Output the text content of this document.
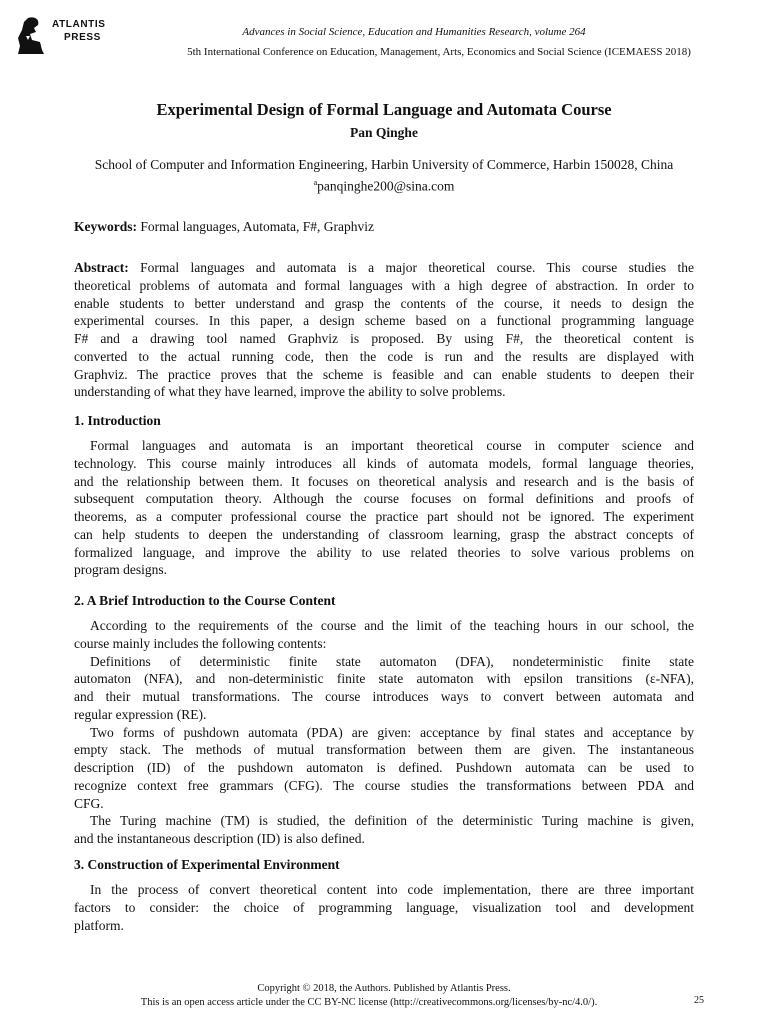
ATLANTIS
PRESS	Advances in Social Science, Education and Humanities Research, volume 264
5th International Conference on Education, Management, Arts, Economics and Social Science (ICEMAESS 2018)
Experimental Design of Formal Language and Automata Course
Pan Qinghe
School of Computer and Information Engineering, Harbin University of Commerce, Harbin 150028, China
$^a$panqinghe200@sina.com
Keywords: Formal languages, Automata, F#, Graphviz
Abstract: Formal languages and automata is a major theoretical course. This course studies the
theoretical problems of automata and formal languages with a high degree of abstraction. In order to
enable students to better understand and grasp the contents of the course, it needs to design the
experimental courses. In this paper, a design scheme based on a functional programming language
F# and a drawing tool named Graphviz is proposed. By using F#, the theoretical content is
converted to the actual running code, then the code is run and the results are displayed with
Graphviz. The practice proves that the scheme is feasible and can enable students to deepen their
understanding of what they have learned, improve the ability to solve problems.
1. Introduction
Formal languages and automata is an important theoretical course in computer science and
technology. This course mainly introduces all kinds of automata models, formal language theories,
and the relationship between them. It focuses on theoretical analysis and research and is the basis of
subsequent computation theory. Although the course focuses on formal definitions and proofs of
theorems, as a computer professional course the practice part should not be ignored. The experiment
can help students to deepen the understanding of classroom learning, grasp the abstract concepts of
formalized language, and improve the ability to use related theories to solve various problems on
program designs.
2. A Brief Introduction to the Course Content
According to the requirements of the course and the limit of the teaching hours in our school, the
course mainly includes the following contents:
Definitions of deterministic finite state automaton (DFA), nondeterministic finite state
automaton (NFA), and non-deterministic finite state automaton with epsilon transitions (ε-NFA),
and their mutual transformations. The course introduces ways to convert between automata and
regular expression (RE).
Two forms of pushdown automata (PDA) are given: acceptance by final states and acceptance by
empty stack. The methods of mutual transformation between them are given. The instantaneous
description (ID) of the pushdown automaton is defined. Pushdown automata can be used to
recognize context free grammars (CFG). The course studies the transformations between PDA and
CFG.
The Turing machine (TM) is studied, the definition of the deterministic Turing machine is given,
and the instantaneous description (ID) is also defined.
3. Construction of Experimental Environment
In the process of convert theoretical content into code implementation, there are three important
factors to consider: the choice of programming language, visualization tool and development
platform.
Copyright © 2018, the Authors. Published by Atlantis Press.
This is an open access article under the CC BY-NC license (http://creativecommons.org/licenses/by-nc/4.0/).	25
